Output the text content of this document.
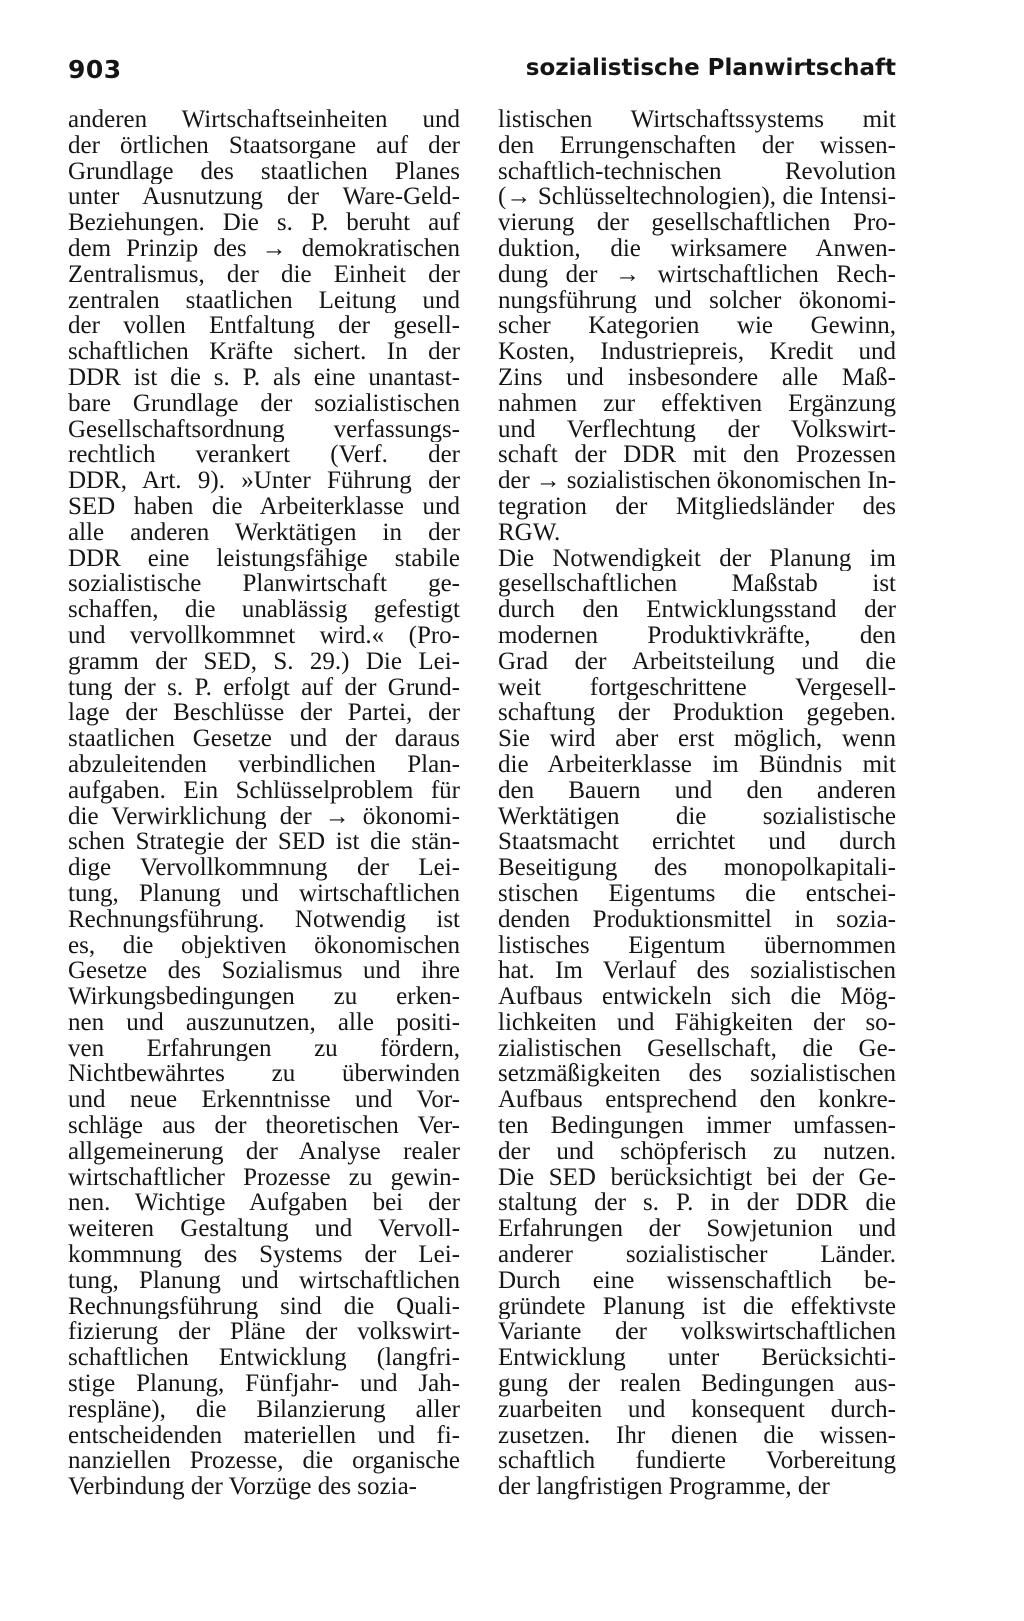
903	sozialistische Planwirtschaft
anderen Wirtschaftseinheiten und
der örtlichen Staatsorgane auf der
Grundlage des staatlichen Planes
unter Ausnutzung der Ware-Geld-
Beziehungen. Die s. P. beruht auf
dem Prinzip des → demokratischen
Zentralismus, der die Einheit der
zentralen staatlichen Leitung und
der vollen Entfaltung der gesell-
schaftlichen Kräfte sichert. In der
DDR ist die s. P. als eine unantast-
bare Grundlage der sozialistischen
Gesellschaftsordnung verfassungs-
rechtlich verankert (Verf. der
DDR, Art. 9). »Unter Führung der
SED haben die Arbeiterklasse und
alle anderen Werktätigen in der
DDR eine leistungsfähige stabile
sozialistische Planwirtschaft ge-
schaffen, die unablässig gefestigt
und vervollkommnet wird.« (Pro-
gramm der SED, S. 29.) Die Lei-
tung der s. P. erfolgt auf der Grund-
lage der Beschlüsse der Partei, der
staatlichen Gesetze und der daraus
abzuleitenden verbindlichen Plan-
aufgaben. Ein Schlüsselproblem für
die Verwirklichung der → ökonomi-
schen Strategie der SED ist die stän-
dige Vervollkommnung der Lei-
tung, Planung und wirtschaftlichen
Rechnungsführung. Notwendig ist
es, die objektiven ökonomischen
Gesetze des Sozialismus und ihre
Wirkungsbedingungen zu erken-
nen und auszunutzen, alle positi-
ven Erfahrungen zu fördern,
Nichtbewährtes zu überwinden
und neue Erkenntnisse und Vor-
schläge aus der theoretischen Ver-
allgemeinerung der Analyse realer
wirtschaftlicher Prozesse zu gewin-
nen. Wichtige Aufgaben bei der
weiteren Gestaltung und Vervoll-
kommnung des Systems der Lei-
tung, Planung und wirtschaftlichen
Rechnungsführung sind die Quali-
fizierung der Pläne der volkswirt-
schaftlichen Entwicklung (langfri-
stige Planung, Fünfjahr- und Jah-
respläne), die Bilanzierung aller
entscheidenden materiellen und fi-
nanziellen Prozesse, die organische
Verbindung der Vorzüge des sozia-
listischen Wirtschaftssystems mit
den Errungenschaften der wissen-
schaftlich-technischen Revolution
(→ Schlüsseltechnologien), die Intensi-
vierung der gesellschaftlichen Pro-
duktion, die wirksamere Anwen-
dung der → wirtschaftlichen Rech-
nungsführung und solcher ökonomi-
scher Kategorien wie Gewinn,
Kosten, Industriepreis, Kredit und
Zins und insbesondere alle Maß-
nahmen zur effektiven Ergänzung
und Verflechtung der Volkswirt-
schaft der DDR mit den Prozessen
der → sozialistischen ökonomischen In-
tegration der Mitgliedsländer des
RGW.
Die Notwendigkeit der Planung im
gesellschaftlichen Maßstab ist
durch den Entwicklungsstand der
modernen Produktivkräfte, den
Grad der Arbeitsteilung und die
weit fortgeschrittene Vergesell-
schaftung der Produktion gegeben.
Sie wird aber erst möglich, wenn
die Arbeiterklasse im Bündnis mit
den Bauern und den anderen
Werktätigen die sozialistische
Staatsmacht errichtet und durch
Beseitigung des monopolkapitali-
stischen Eigentums die entschei-
denden Produktionsmittel in sozia-
listisches Eigentum übernommen
hat. Im Verlauf des sozialistischen
Aufbaus entwickeln sich die Mög-
lichkeiten und Fähigkeiten der so-
zialistischen Gesellschaft, die Ge-
setzmäßigkeiten des sozialistischen
Aufbaus entsprechend den konkre-
ten Bedingungen immer umfassen-
der und schöpferisch zu nutzen.
Die SED berücksichtigt bei der Ge-
staltung der s. P. in der DDR die
Erfahrungen der Sowjetunion und
anderer sozialistischer Länder.
Durch eine wissenschaftlich be-
gründete Planung ist die effektivste
Variante der volkswirtschaftlichen
Entwicklung unter Berücksichti-
gung der realen Bedingungen aus-
zuarbeiten und konsequent durch-
zusetzen. Ihr dienen die wissen-
schaftlich fundierte Vorbereitung
der langfristigen Programme, der
